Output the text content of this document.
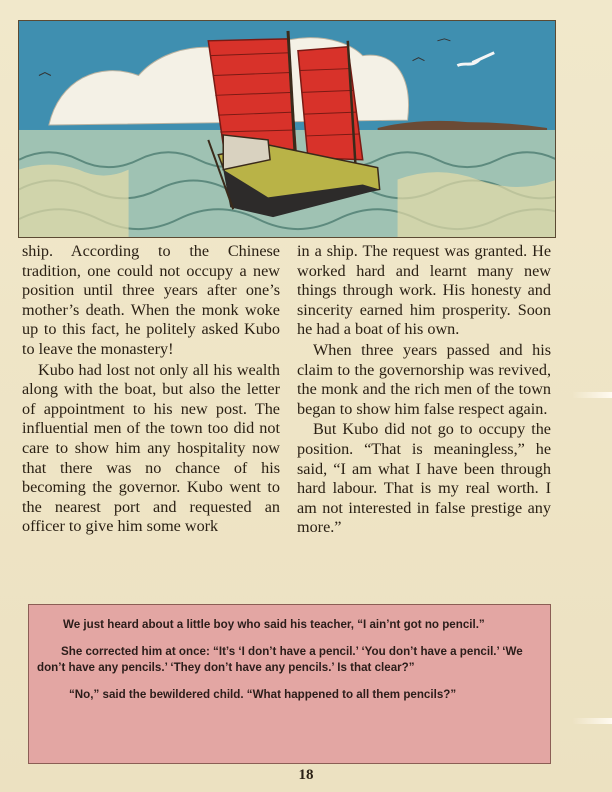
ship. According to the Chinese tradition, one could not occupy a new position until three years after one’s mother’s death. When the monk woke up to this fact, he politely asked Kubo to leave the monastery!

Kubo had lost not only all his wealth along with the boat, but also the letter of appointment to his new post. The influential men of the town too did not care to show him any hospitality now that there was no chance of his becoming the governor. Kubo went to the nearest port and requested an officer to give him some work

in a ship. The request was granted. He worked hard and learnt many new things through work. His honesty and sincerity earned him prosperity. Soon he had a boat of his own.

When three years passed and his claim to the governorship was revived, the monk and the rich men of the town began to show him false respect again.

But Kubo did not go to occupy the position. “That is meaningless,” he said, “I am what I have been through hard labour. That is my real worth. I am not interested in false prestige any more.”

We just heard about a little boy who said his teacher, “I ain’nt got no pencil.”

She corrected him at once: “It’s ‘I don’t have a pencil.’ ‘You don’t have a pencil.’ ‘We don’t have any pencils.’ ‘They don’t have any pencils.’ Is that clear?”

“No,” said the bewildered child. “What happened to all them pencils?”

18
